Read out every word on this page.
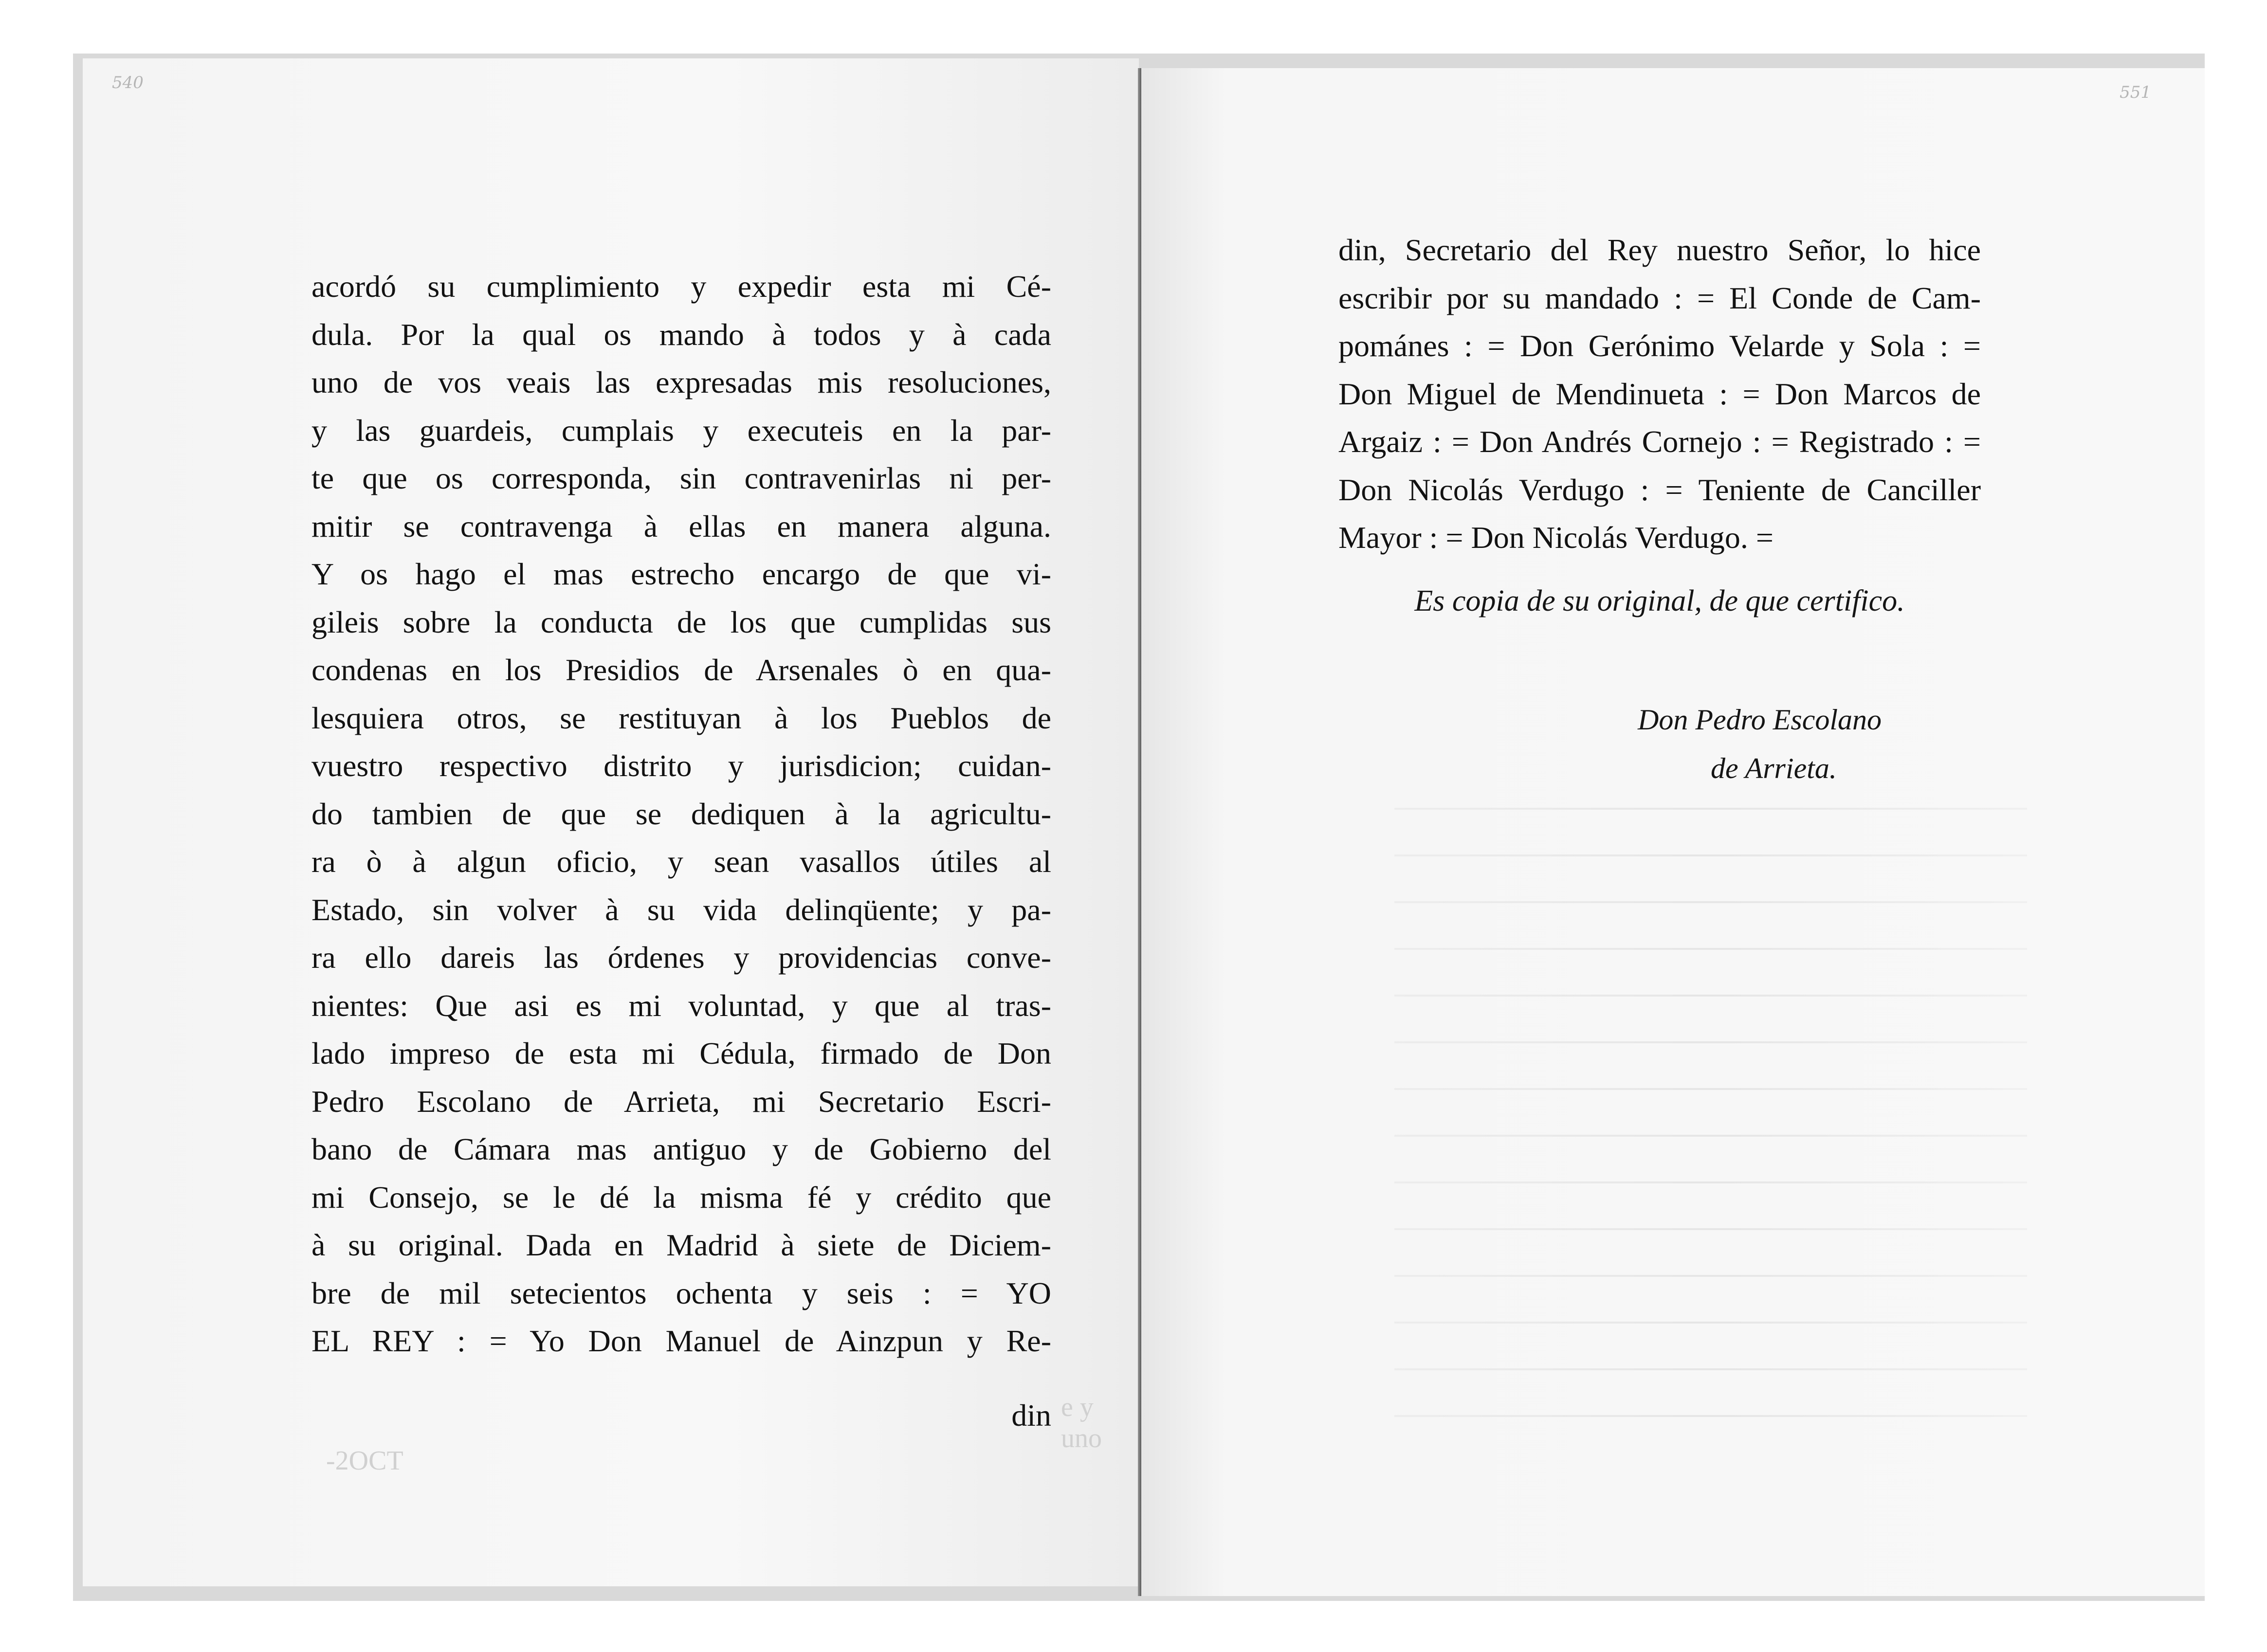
540
acordó su cumplimiento y expedir esta mi Cé-
dula. Por la qual os mando à todos y à cada
uno de vos veais las expresadas mis resoluciones,
y las guardeis, cumplais y executeis en la par-
te que os corresponda, sin contravenirlas ni per-
mitir se contravenga à ellas en manera alguna.
Y os hago el mas estrecho encargo de que vi-
gileis sobre la conducta de los que cumplidas sus
condenas en los Presidios de Arsenales ò en qua-
lesquiera otros, se restituyan à los Pueblos de
vuestro respectivo distrito y jurisdicion; cuidan-
do tambien de que se dediquen à la agricultu-
ra ò à algun oficio, y sean vasallos útiles al
Estado, sin volver à su vida delinqüente; y pa-
ra ello dareis las órdenes y providencias conve-
nientes: Que asi es mi voluntad, y que al tras-
lado impreso de esta mi Cédula, firmado de Don
Pedro Escolano de Arrieta, mi Secretario Escri-
bano de Cámara mas antiguo y de Gobierno del
mi Consejo, se le dé la misma fé y crédito que
à su original. Dada en Madrid à siete de Diciem-
bre de mil setecientos ochenta y seis : = YO
EL REY : = Yo Don Manuel de Ainzpun y Re-
din
-2OCT
e y uno
551
din, Secretario del Rey nuestro Señor, lo hice
escribir por su mandado : = El Conde de Cam-
pománes : = Don Gerónimo Velarde y Sola : =
Don Miguel de Mendinueta : = Don Marcos de
Argaiz : = Don Andrés Cornejo : = Registrado : =
Don Nicolás Verdugo : = Teniente de Canciller
Mayor : = Don Nicolás Verdugo. =
Es copia de su original, de que certifico.
Don Pedro Escolano
de Arrieta.
